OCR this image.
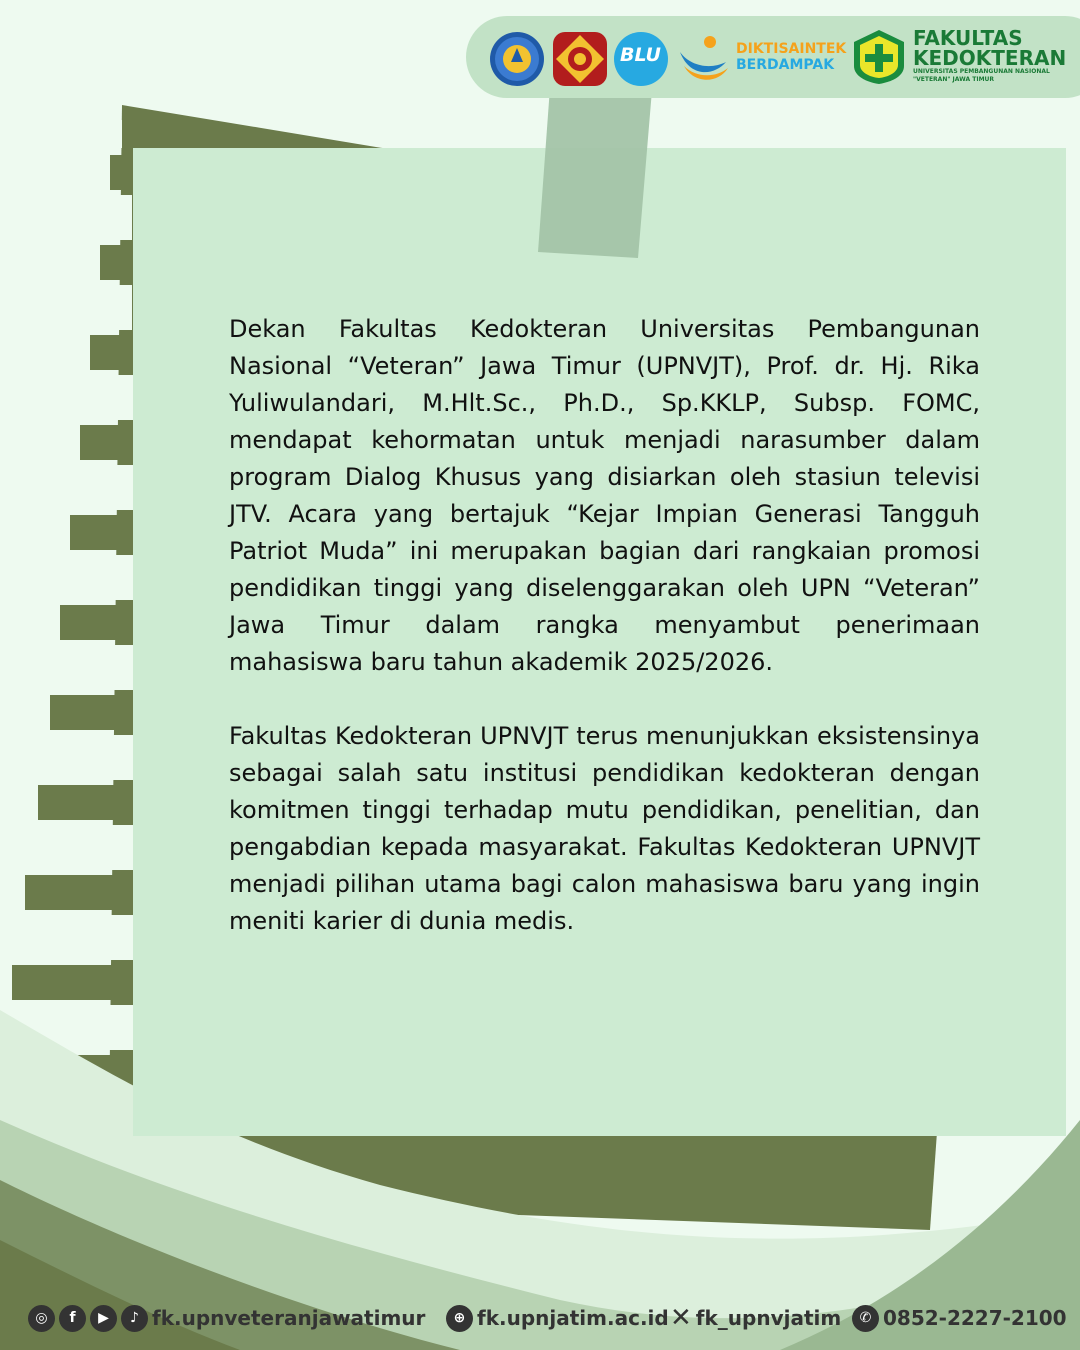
BLU	DIKTISAINTEK
BERDAMPAK
FAKULTAS
KEDOKTERAN
UNIVERSITAS PEMBANGUNAN NASIONAL
"VETERAN" JAWA TIMUR

Dekan Fakultas Kedokteran Universitas Pembangunan Nasional “Veteran” Jawa Timur (UPNVJT), Prof. dr. Hj. Rika Yuliwulandari, M.Hlt.Sc., Ph.D., Sp.KKLP, Subsp. FOMC, mendapat kehormatan untuk menjadi narasumber dalam program Dialog Khusus yang disiarkan oleh stasiun televisi JTV. Acara yang bertajuk “Kejar Impian Generasi Tangguh Patriot Muda” ini merupakan bagian dari rangkaian promosi pendidikan tinggi yang diselenggarakan oleh UPN “Veteran” Jawa Timur dalam rangka menyambut penerimaan mahasiswa baru tahun akademik 2025/2026.

Fakultas Kedokteran UPNVJT terus menunjukkan eksistensinya sebagai salah satu institusi pendidikan kedokteran dengan komitmen tinggi terhadap mutu pendidikan, penelitian, dan pengabdian kepada masyarakat. Fakultas Kedokteran UPNVJT menjadi pilihan utama bagi calon mahasiswa baru yang ingin meniti karier di dunia medis.

◎	f	▶	♪ fk.upnveteranjawatimur	⊕ fk.upnjatim.ac.id ✕ fk_upnvjatim	✆ 0852-2227-2100
